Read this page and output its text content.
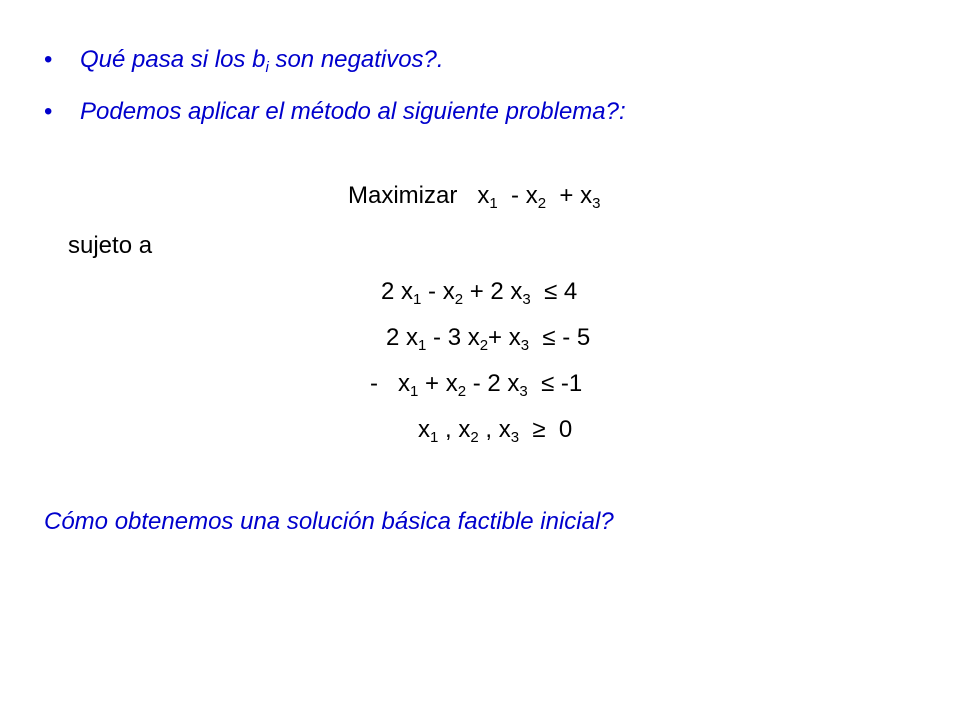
• Qué pasa si los $b_i$ son negativos?.
• Podemos aplicar el método al siguiente problema?:
Maximizar $x_1 - x_2 + x_3$
sujeto a
2 $x_1 - x_2 + 2$ $x_3 \le 4$
2 $x_1 - 3$ $x_2+ x_3$  ≤ - 5
-   $x_1 + x_2 - 2$ $x_3 \le -1$
$x_1$ , $x_2$ , $x_3 \ge 0$
Cómo obtenemos una solución básica factible inicial?
